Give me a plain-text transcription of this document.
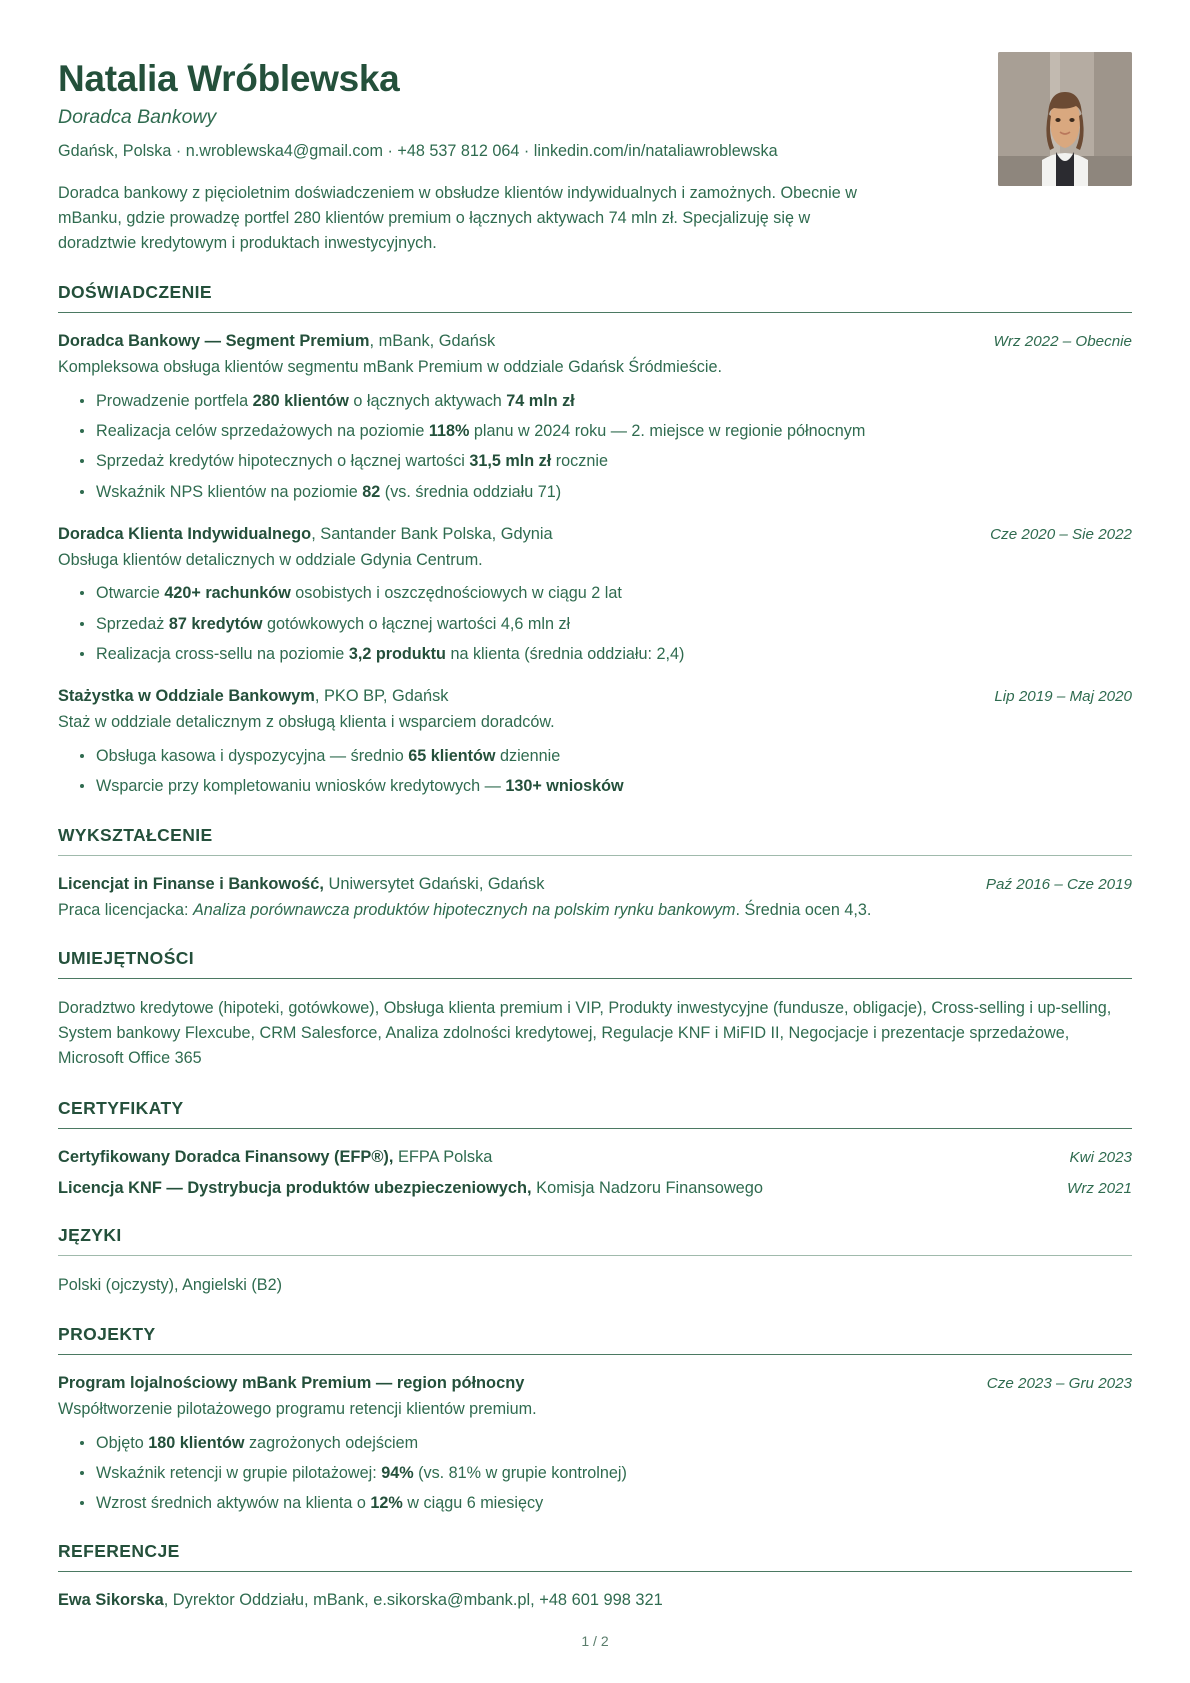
Natalia Wróblewska
Doradca Bankowy
Gdańsk, Polska · n.wroblewska4@gmail.com · +48 537 812 064 · linkedin.com/in/nataliawroblewska
Doradca bankowy z pięcioletnim doświadczeniem w obsłudze klientów indywidualnych i zamożnych. Obecnie w mBanku, gdzie prowadzę portfel 280 klientów premium o łącznych aktywach 74 mln zł. Specjalizuję się w doradztwie kredytowym i produktach inwestycyjnych.
DOŚWIADCZENIE
Doradca Bankowy — Segment Premium, mBank, Gdańsk	Wrz 2022 – Obecnie
Kompleksowa obsługa klientów segmentu mBank Premium w oddziale Gdańsk Śródmieście.
Prowadzenie portfela 280 klientów o łącznych aktywach 74 mln zł
Realizacja celów sprzedażowych na poziomie 118% planu w 2024 roku — 2. miejsce w regionie północnym
Sprzedaż kredytów hipotecznych o łącznej wartości 31,5 mln zł rocznie
Wskaźnik NPS klientów na poziomie 82 (vs. średnia oddziału 71)
Doradca Klienta Indywidualnego, Santander Bank Polska, Gdynia	Cze 2020 – Sie 2022
Obsługa klientów detalicznych w oddziale Gdynia Centrum.
Otwarcie 420+ rachunków osobistych i oszczędnościowych w ciągu 2 lat
Sprzedaż 87 kredytów gotówkowych o łącznej wartości 4,6 mln zł
Realizacja cross-sellu na poziomie 3,2 produktu na klienta (średnia oddziału: 2,4)
Stażystka w Oddziale Bankowym, PKO BP, Gdańsk	Lip 2019 – Maj 2020
Staż w oddziale detalicznym z obsługą klienta i wsparciem doradców.
Obsługa kasowa i dyspozycyjna — średnio 65 klientów dziennie
Wsparcie przy kompletowaniu wniosków kredytowych — 130+ wniosków
WYKSZTAŁCENIE
Licencjat in Finanse i Bankowość, Uniwersytet Gdański, Gdańsk	Paź 2016 – Cze 2019
Praca licencjacka: Analiza porównawcza produktów hipotecznych na polskim rynku bankowym. Średnia ocen 4,3.
UMIEJĘTNOŚCI
Doradztwo kredytowe (hipoteki, gotówkowe), Obsługa klienta premium i VIP, Produkty inwestycyjne (fundusze, obligacje), Cross-selling i up-selling, System bankowy Flexcube, CRM Salesforce, Analiza zdolności kredytowej, Regulacje KNF i MiFID II, Negocjacje i prezentacje sprzedażowe, Microsoft Office 365
CERTYFIKATY
Certyfikowany Doradca Finansowy (EFP®), EFPA Polska	Kwi 2023
Licencja KNF — Dystrybucja produktów ubezpieczeniowych, Komisja Nadzoru Finansowego	Wrz 2021
JĘZYKI
Polski (ojczysty), Angielski (B2)
PROJEKTY
Program lojalnościowy mBank Premium — region północny	Cze 2023 – Gru 2023
Współtworzenie pilotażowego programu retencji klientów premium.
Objęto 180 klientów zagrożonych odejściem
Wskaźnik retencji w grupie pilotażowej: 94% (vs. 81% w grupie kontrolnej)
Wzrost średnich aktywów na klienta o 12% w ciągu 6 miesięcy
REFERENCJE
Ewa Sikorska, Dyrektor Oddziału, mBank, e.sikorska@mbank.pl, +48 601 998 321
1 / 2
